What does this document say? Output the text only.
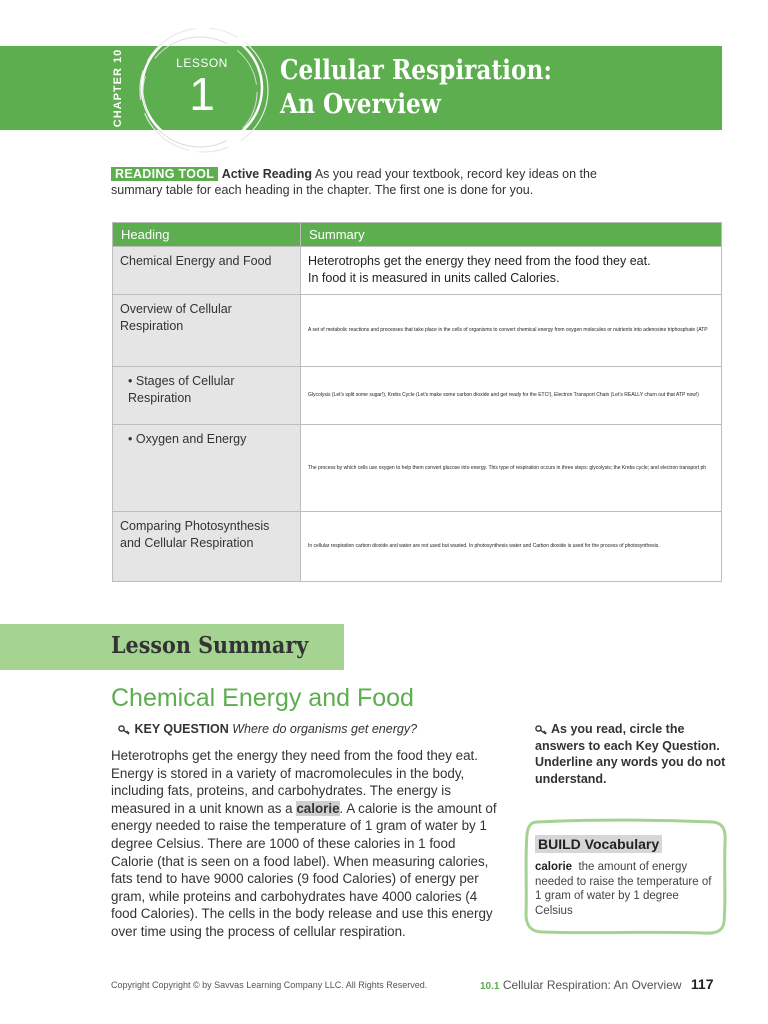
CHAPTER 10	LESSON
1	Cellular Respiration:
An Overview
READING TOOL Active Reading As you read your textbook, record key ideas on the summary table for each heading in the chapter. The first one is done for you.
Heading	Summary
Chemical Energy and Food	Heterotrophs get the energy they need from the food they eat.
In food it is measured in units called Calories.

Overview of Cellular Respiration	A set of metabolic reactions and processes that take place in the cells of organisms to convert chemical energy from oxygen molecules or nutrients into adenosine triphosphate (ATP

• Stages of Cellular Respiration	Glycolysis (Let’s split some sugar!), Krebs Cycle (Let’s make some carbon dioxide and get ready for the ETC!), Electron Transport Chain (Let’s REALLY churn out that ATP now!)

• Oxygen and Energy	The process by which cells use oxygen to help them convert glucose into energy. This type of respiration occurs in three steps: glycolysis; the Krebs cycle; and electron transport ph

Comparing Photosynthesis and Cellular Respiration	In cellular respiration carbon dioxide and water are not used but wasted. In photosynthesis water and Carbon dioxide is used for the process of photosynthesis.
Lesson Summary
Chemical Energy and Food
KEY QUESTION Where do organisms get energy?
Heterotrophs get the energy they need from the food they eat. Energy is stored in a variety of macromolecules in the body, including fats, proteins, and carbohydrates. The energy is measured in a unit known as a calorie. A calorie is the amount of energy needed to raise the temperature of 1 gram of water by 1 degree Celsius. There are 1000 of these calories in 1 food Calorie (that is seen on a food label). When measuring calories, fats tend to have 9000 calories (9 food Calories) of energy per gram, while proteins and carbohydrates have 4000 calories (4 food Calories). The cells in the body release and use this energy over time using the process of cellular respiration.
As you read, circle the answers to each Key Question. Underline any words you do not understand.
BUILD Vocabulary
calorie the amount of energy needed to raise the temperature of 1 gram of water by 1 degree Celsius
Copyright Copyright © by Savvas Learning Company LLC. All Rights Reserved.	10.1 Cellular Respiration: An Overview 117
